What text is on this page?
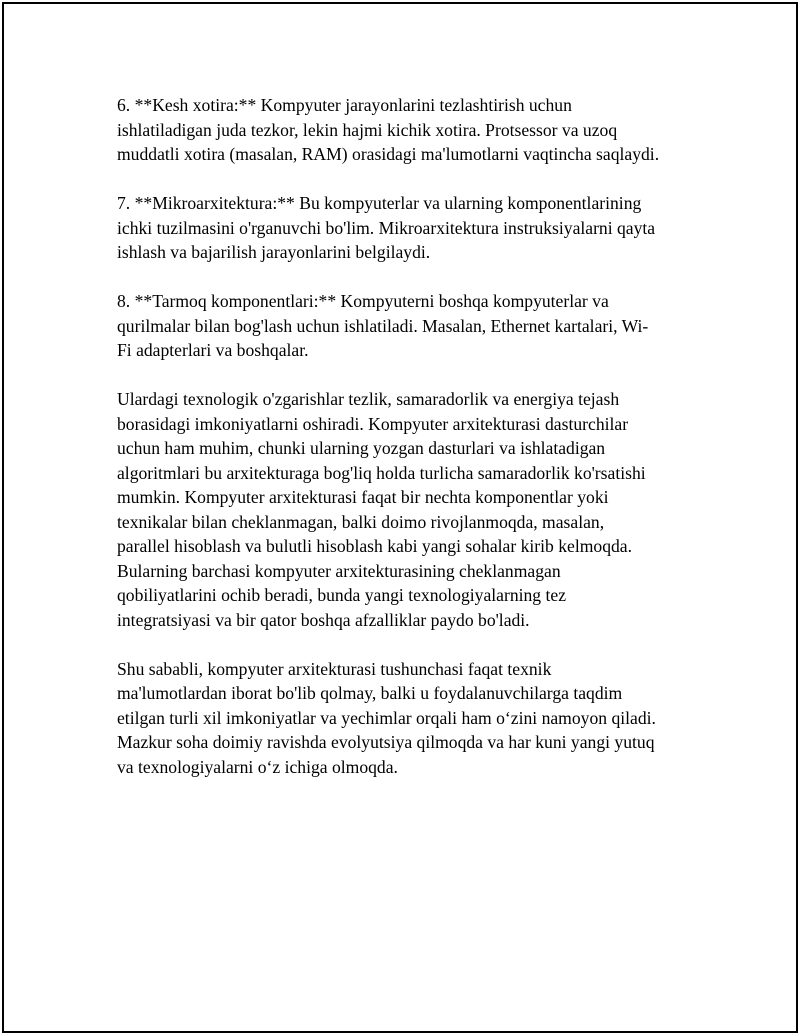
6. **Kesh xotira:** Kompyuter jarayonlarini tezlashtirish uchun
ishlatiladigan juda tezkor, lekin hajmi kichik xotira. Protsessor va uzoq
muddatli xotira (masalan, RAM) orasidagi ma'lumotlarni vaqtincha saqlaydi.

7. **Mikroarxitektura:** Bu kompyuterlar va ularning komponentlarining
ichki tuzilmasini o'rganuvchi bo'lim. Mikroarxitektura instruksiyalarni qayta
ishlash va bajarilish jarayonlarini belgilaydi.

8. **Tarmoq komponentlari:** Kompyuterni boshqa kompyuterlar va
qurilmalar bilan bog'lash uchun ishlatiladi. Masalan, Ethernet kartalari, Wi-
Fi adapterlari va boshqalar.

Ulardagi texnologik o'zgarishlar tezlik, samaradorlik va energiya tejash
borasidagi imkoniyatlarni oshiradi. Kompyuter arxitekturasi dasturchilar
uchun ham muhim, chunki ularning yozgan dasturlari va ishlatadigan
algoritmlari bu arxitekturaga bog'liq holda turlicha samaradorlik ko'rsatishi
mumkin. Kompyuter arxitekturasi faqat bir nechta komponentlar yoki
texnikalar bilan cheklanmagan, balki doimo rivojlanmoqda, masalan,
parallel hisoblash va bulutli hisoblash kabi yangi sohalar kirib kelmoqda.
Bularning barchasi kompyuter arxitekturasining cheklanmagan
qobiliyatlarini ochib beradi, bunda yangi texnologiyalarning tez
integratsiyasi va bir qator boshqa afzalliklar paydo bo'ladi.

Shu sababli, kompyuter arxitekturasi tushunchasi faqat texnik
ma'lumotlardan iborat bo'lib qolmay, balki u foydalanuvchilarga taqdim
etilgan turli xil imkoniyatlar va yechimlar orqali ham o‘zini namoyon qiladi.
Mazkur soha doimiy ravishda evolyutsiya qilmoqda va har kuni yangi yutuq
va texnologiyalarni o‘z ichiga olmoqda.
